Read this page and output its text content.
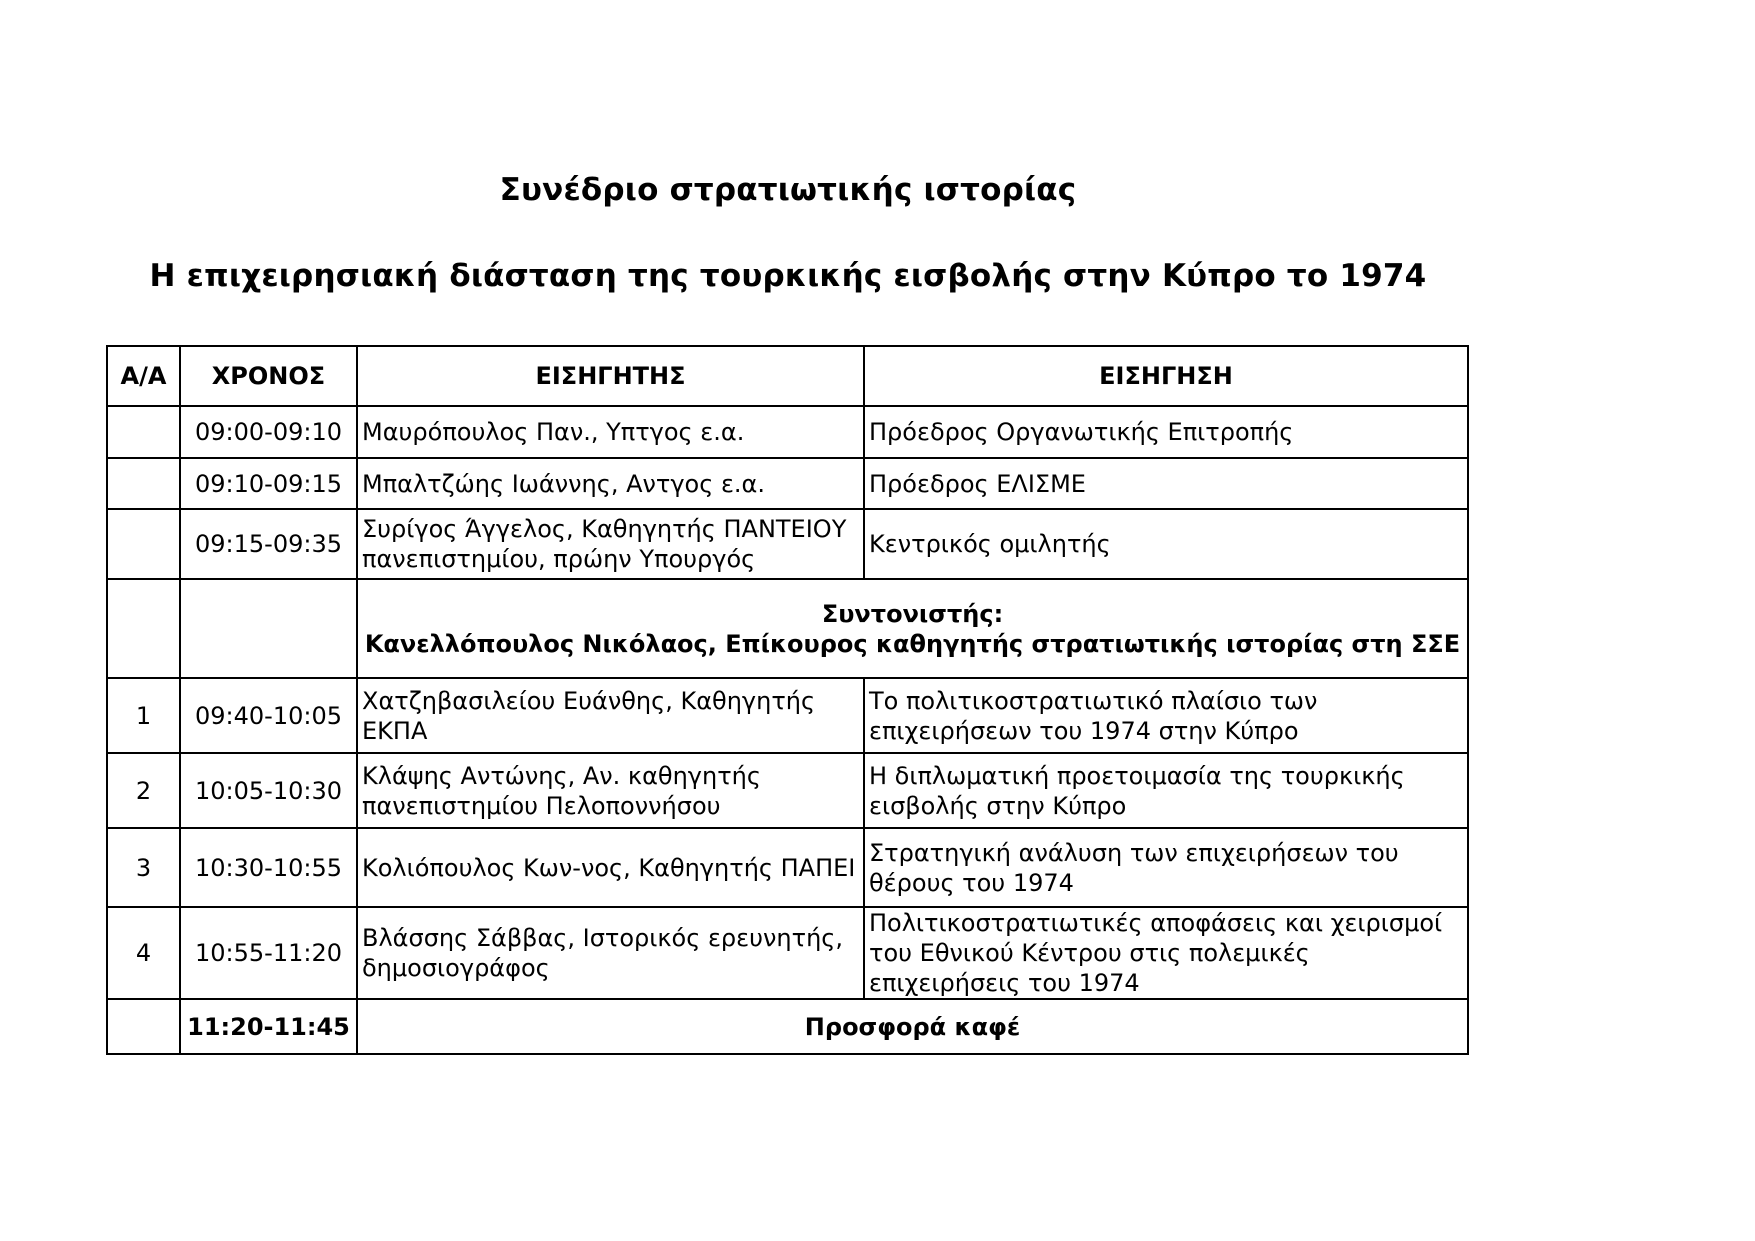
Συνέδριο στρατιωτικής ιστορίας
Η επιχειρησιακή διάσταση της τουρκικής εισβολής στην Κύπρο το 1974
Α/Α	ΧΡΟΝΟΣ	ΕΙΣΗΓΗΤΗΣ	ΕΙΣΗΓΗΣΗ
	09:00-09:10	Μαυρόπουλος Παν., Υπτγος ε.α.	Πρόεδρος Οργανωτικής Επιτροπής
	09:10-09:15	Μπαλτζώης Ιωάννης, Αντγος ε.α.	Πρόεδρος ΕΛΙΣΜΕ
	09:15-09:35	Συρίγος Άγγελος, Καθηγητής ΠΑΝΤΕΙΟΥ πανεπιστημίου, πρώην Υπουργός	Κεντρικός ομιλητής

		Συντονιστής:
Κανελλόπουλος Νικόλαος, Επίκουρος καθηγητής στρατιωτικής ιστορίας στη ΣΣΕ	

1	09:40-10:05	Χατζηβασιλείου Ευάνθης, Καθηγητής ΕΚΠΑ	Το πολιτικοστρατιωτικό πλαίσιο των επιχειρήσεων του 1974 στην Κύπρο
2	10:05-10:30	Κλάψης Αντώνης, Αν. καθηγητής πανεπιστημίου Πελοποννήσου	Η διπλωματική προετοιμασία της τουρκικής εισβολής στην Κύπρο
3	10:30-10:55	Κολιόπουλος Κων-νος, Καθηγητής ΠΑΠΕΙ	Στρατηγική ανάλυση των επιχειρήσεων του θέρους του 1974
4	10:55-11:20	Βλάσσης Σάββας, Ιστορικός ερευνητής, δημοσιογράφος	Πολιτικοστρατιωτικές αποφάσεις και χειρισμοί του Εθνικού Κέντρου στις πολεμικές επιχειρήσεις του 1974
	11:20-11:45	Προσφορά καφέ	
